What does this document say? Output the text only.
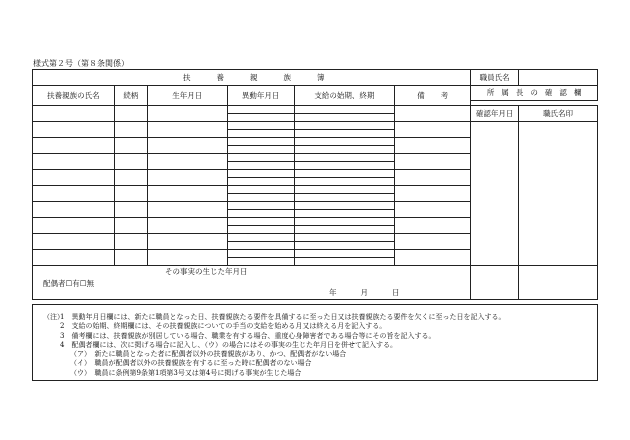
様式第２号（第８条関係）
扶 養 親 族 簿						職員氏名	
扶養親族の氏名	続柄	生年月日	異動年月日	支給の始期、終期	備 考	所 属 長 の 確 認 欄	

						確認年月日	職氏名印

その事実の生じた年月日
配偶者☐有☐無
年 月 日							

（注）
1　異動年月日欄には、新たに職員となった日、扶養親族たる要件を具備するに至った日又は扶養親族たる要件を欠くに至った日を記入する。
2　支給の始期、終期欄には、その扶養親族についての手当の支給を始める月又は終える月を記入する。
3　備考欄には、扶養親族が別居している場合、職業を有する場合、重度心身障害者である場合等にその旨を記入する。
4　配偶者欄には、次に掲げる場合に記入し、（ウ）の場合にはその事実の生じた年月日を併せて記入する。
（ア）　新たに職員となった者に配偶者以外の扶養親族があり、かつ、配偶者がない場合
（イ）　職員が配偶者以外の扶養親族を有するに至った時に配偶者のない場合
（ウ）　職員に条例第9条第1項第3号又は第4号に掲げる事実が生じた場合
